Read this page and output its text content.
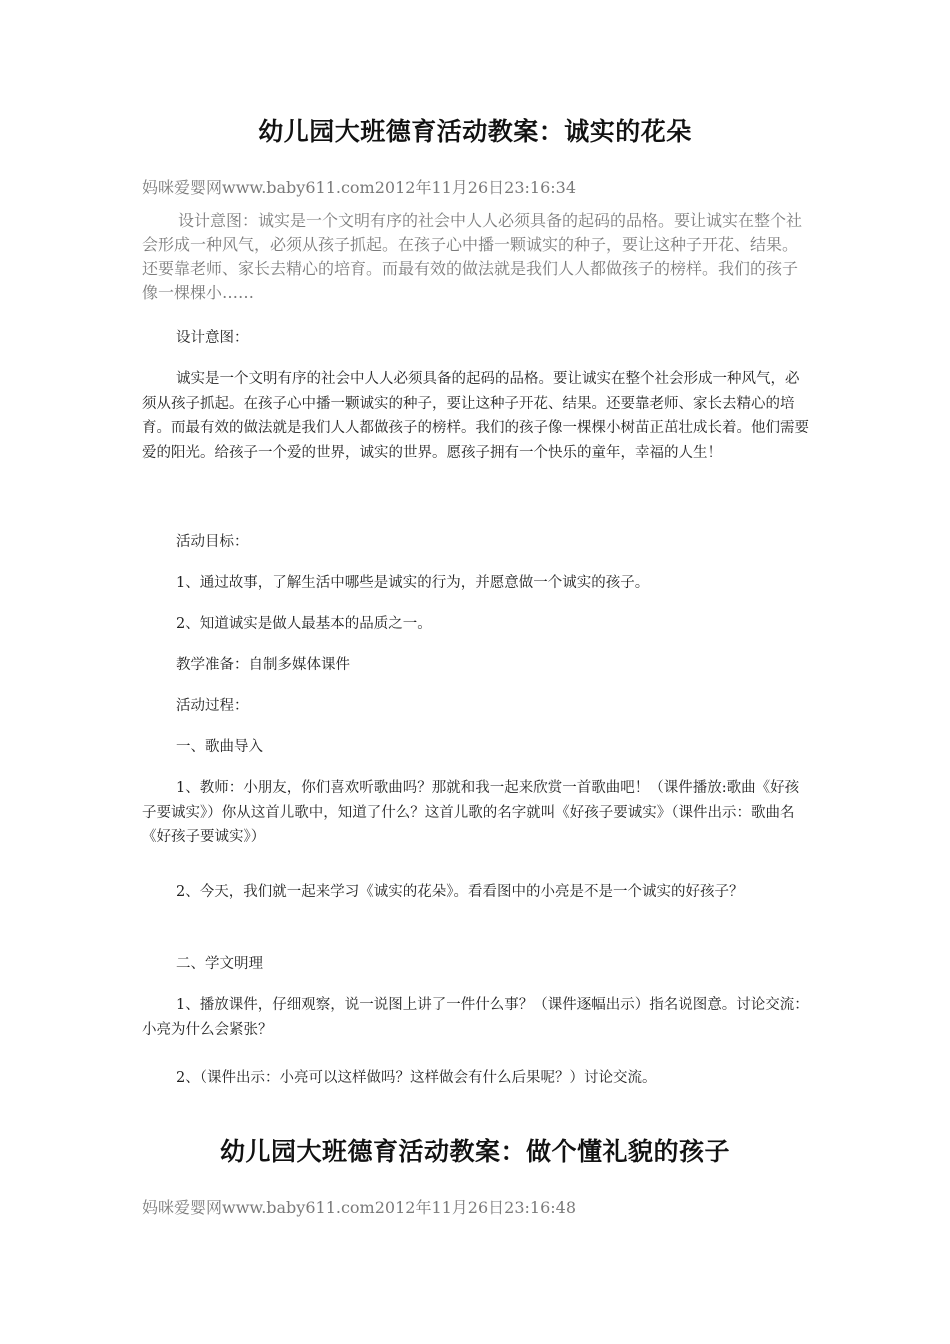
幼儿园大班德育活动教案：诚实的花朵
妈咪爱婴网www.baby611.com2012年11月26日23:16:34

设计意图：诚实是一个文明有序的社会中人人必须具备的起码的品格。要让诚实在整个社会形成一种风气，必须从孩子抓起。在孩子心中播一颗诚实的种子，要让这种子开花、结果。还要靠老师、家长去精心的培育。而最有效的做法就是我们人人都做孩子的榜样。我们的孩子像一棵棵小……

设计意图：

诚实是一个文明有序的社会中人人必须具备的起码的品格。要让诚实在整个社会形成一种风气，必须从孩子抓起。在孩子心中播一颗诚实的种子，要让这种子开花、结果。还要靠老师、家长去精心的培育。而最有效的做法就是我们人人都做孩子的榜样。我们的孩子像一棵棵小树苗正茁壮成长着。他们需要爱的阳光。给孩子一个爱的世界，诚实的世界。愿孩子拥有一个快乐的童年，幸福的人生！

活动目标：

1、通过故事，了解生活中哪些是诚实的行为，并愿意做一个诚实的孩子。

2、知道诚实是做人最基本的品质之一。

教学准备：自制多媒体课件

活动过程：

一、歌曲导入

1、教师：小朋友，你们喜欢听歌曲吗？那就和我一起来欣赏一首歌曲吧！（课件播放:歌曲《好孩子要诚实》）你从这首儿歌中，知道了什么？这首儿歌的名字就叫《好孩子要诚实》（课件出示：歌曲名《好孩子要诚实》）

2、今天，我们就一起来学习《诚实的花朵》。看看图中的小亮是不是一个诚实的好孩子？

二、学文明理

1、播放课件，仔细观察，说一说图上讲了一件什么事？（课件逐幅出示）指名说图意。讨论交流：小亮为什么会紧张？

2、（课件出示：小亮可以这样做吗？这样做会有什么后果呢？）讨论交流。

幼儿园大班德育活动教案：做个懂礼貌的孩子
妈咪爱婴网www.baby611.com2012年11月26日23:16:48
